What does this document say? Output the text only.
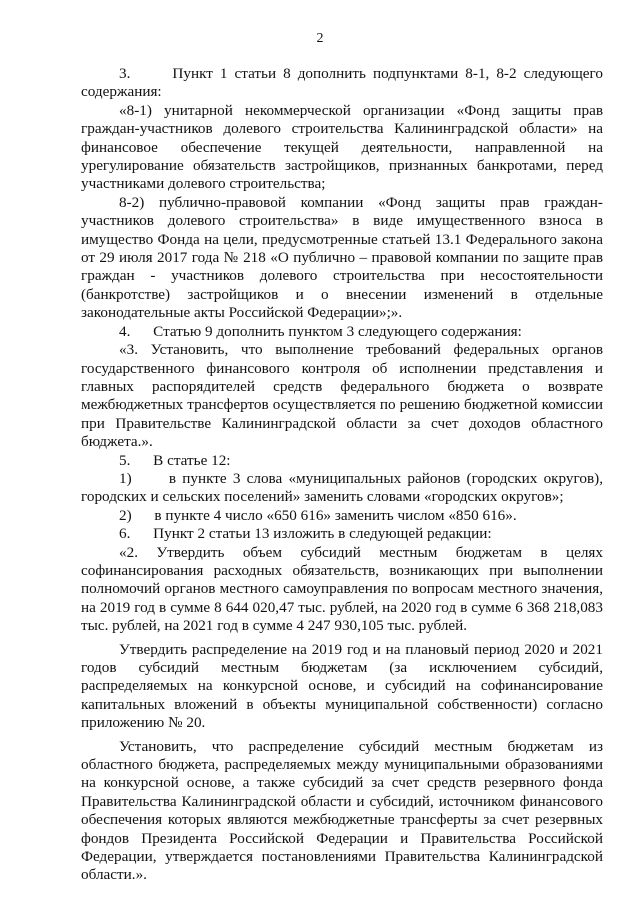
2

3.      Пункт 1 статьи 8 дополнить подпунктами 8-1, 8-2 следующего содержания:

«8-1) унитарной некоммерческой организации «Фонд защиты прав граждан-участников долевого строительства Калининградской области» на финансовое обеспечение текущей деятельности, направленной на урегулирование обязательств застройщиков, признанных банкротами, перед участниками долевого строительства;

8-2) публично-правовой компании «Фонд защиты прав граждан-участников долевого строительства» в виде имущественного взноса в имущество Фонда на цели, предусмотренные статьей 13.1 Федерального закона от 29 июля 2017 года № 218 «О публично – правовой компании по защите прав граждан - участников долевого строительства при несостоятельности (банкротстве) застройщиков и о внесении изменений в отдельные законодательные акты Российской Федерации»;».

4.      Статью 9 дополнить пунктом 3 следующего содержания:

«3. Установить, что выполнение требований федеральных органов государственного финансового контроля об исполнении представления и главных распорядителей средств федерального бюджета о возврате межбюджетных трансфертов осуществляется по решению бюджетной комиссии при Правительстве Калининградской области за счет доходов областного бюджета.».

5.      В статье 12:

1)      в пункте 3 слова «муниципальных районов (городских округов), городских и сельских поселений» заменить словами «городских округов»;

2)      в пункте 4 число «650 616» заменить числом «850 616».

6.      Пункт 2 статьи 13 изложить в следующей редакции:

«2. Утвердить объем субсидий местным бюджетам в целях софинансирования расходных обязательств, возникающих при выполнении полномочий органов местного самоуправления по вопросам местного значения, на 2019 год в сумме 8 644 020,47 тыс. рублей, на 2020 год в сумме 6 368 218,083 тыс. рублей, на 2021 год в сумме 4 247 930,105 тыс. рублей.

Утвердить распределение на 2019 год и на плановый период 2020 и 2021 годов субсидий местным бюджетам (за исключением субсидий, распределяемых на конкурсной основе, и субсидий на софинансирование капитальных вложений в объекты муниципальной собственности) согласно приложению № 20.

Установить, что распределение субсидий местным бюджетам из областного бюджета, распределяемых между муниципальными образованиями на конкурсной основе, а также субсидий за счет средств резервного фонда Правительства Калининградской области и субсидий, источником финансового обеспечения которых являются межбюджетные трансферты за счет резервных фондов Президента Российской Федерации и Правительства Российской Федерации, утверждается постановлениями Правительства Калининградской области.».
